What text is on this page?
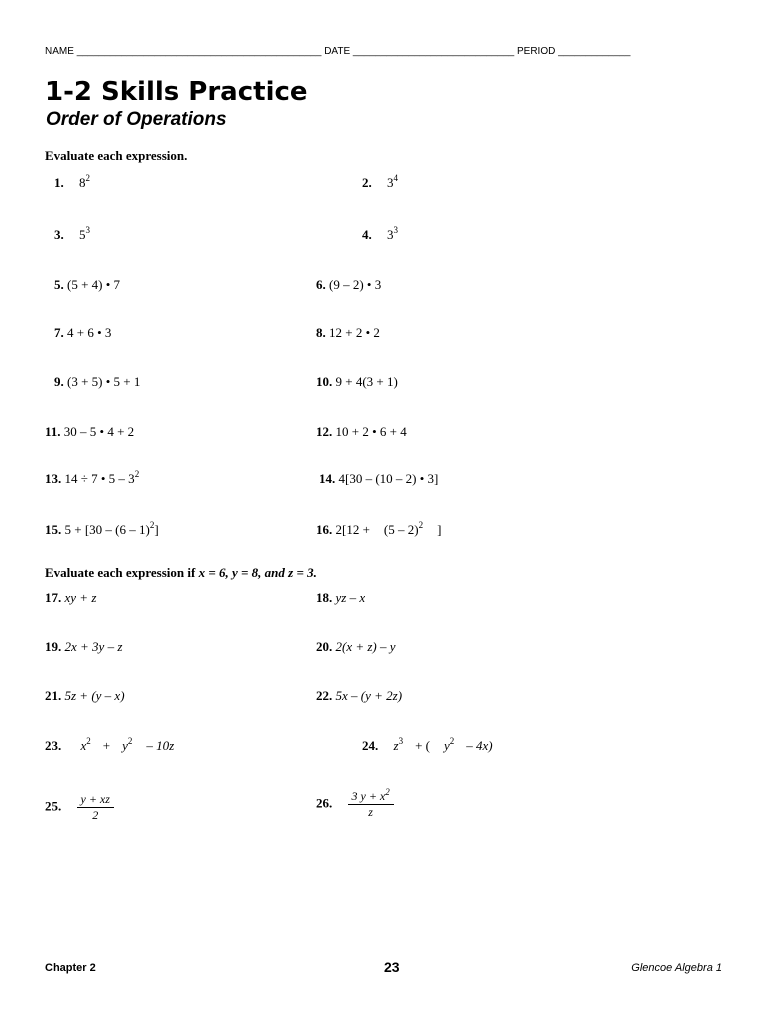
NAME ____________________________________________ DATE _____________________________ PERIOD _____________
1-2 Skills Practice
Order of Operations
Evaluate each expression.
1. $8^2$	2. $3^4$
3. $5^3$	4. $3^3$
5. (5 + 4) • 7	6. (9 – 2) • 3
7. 4 + 6 • 3	8. 12 + 2 • 2
9. (3 + 5) • 5 + 1	10. 9 + 4(3 + 1)
11. 30 – 5 • 4 + 2	12. 10 + 2 • 6 + 4
13. 14 ÷ 7 • $5 - 3^2$	14. 4[30 – (10 – 2) • 3]
15. 5 + [30 – (6 – 1)$^2$]	16. 2[12 + (5 – 2)$^2$ ]
Evaluate each expression if x = 6, y = 8, and z = 3.
17. xy + z	18. yz – x
19. 2x + 3y – z	20. 2(x + z) – y
21. 5z + (y – x)	22. 5x – (y + 2z)
23. $x^2 + y^2 - 10z$	24. $z^3$ + ( $y^2 - 4x$)
25. $\frac{y + xz}{2}$	26. $\frac{3 y + x^2}{z}$
Chapter 2	23	Glencoe Algebra 1
